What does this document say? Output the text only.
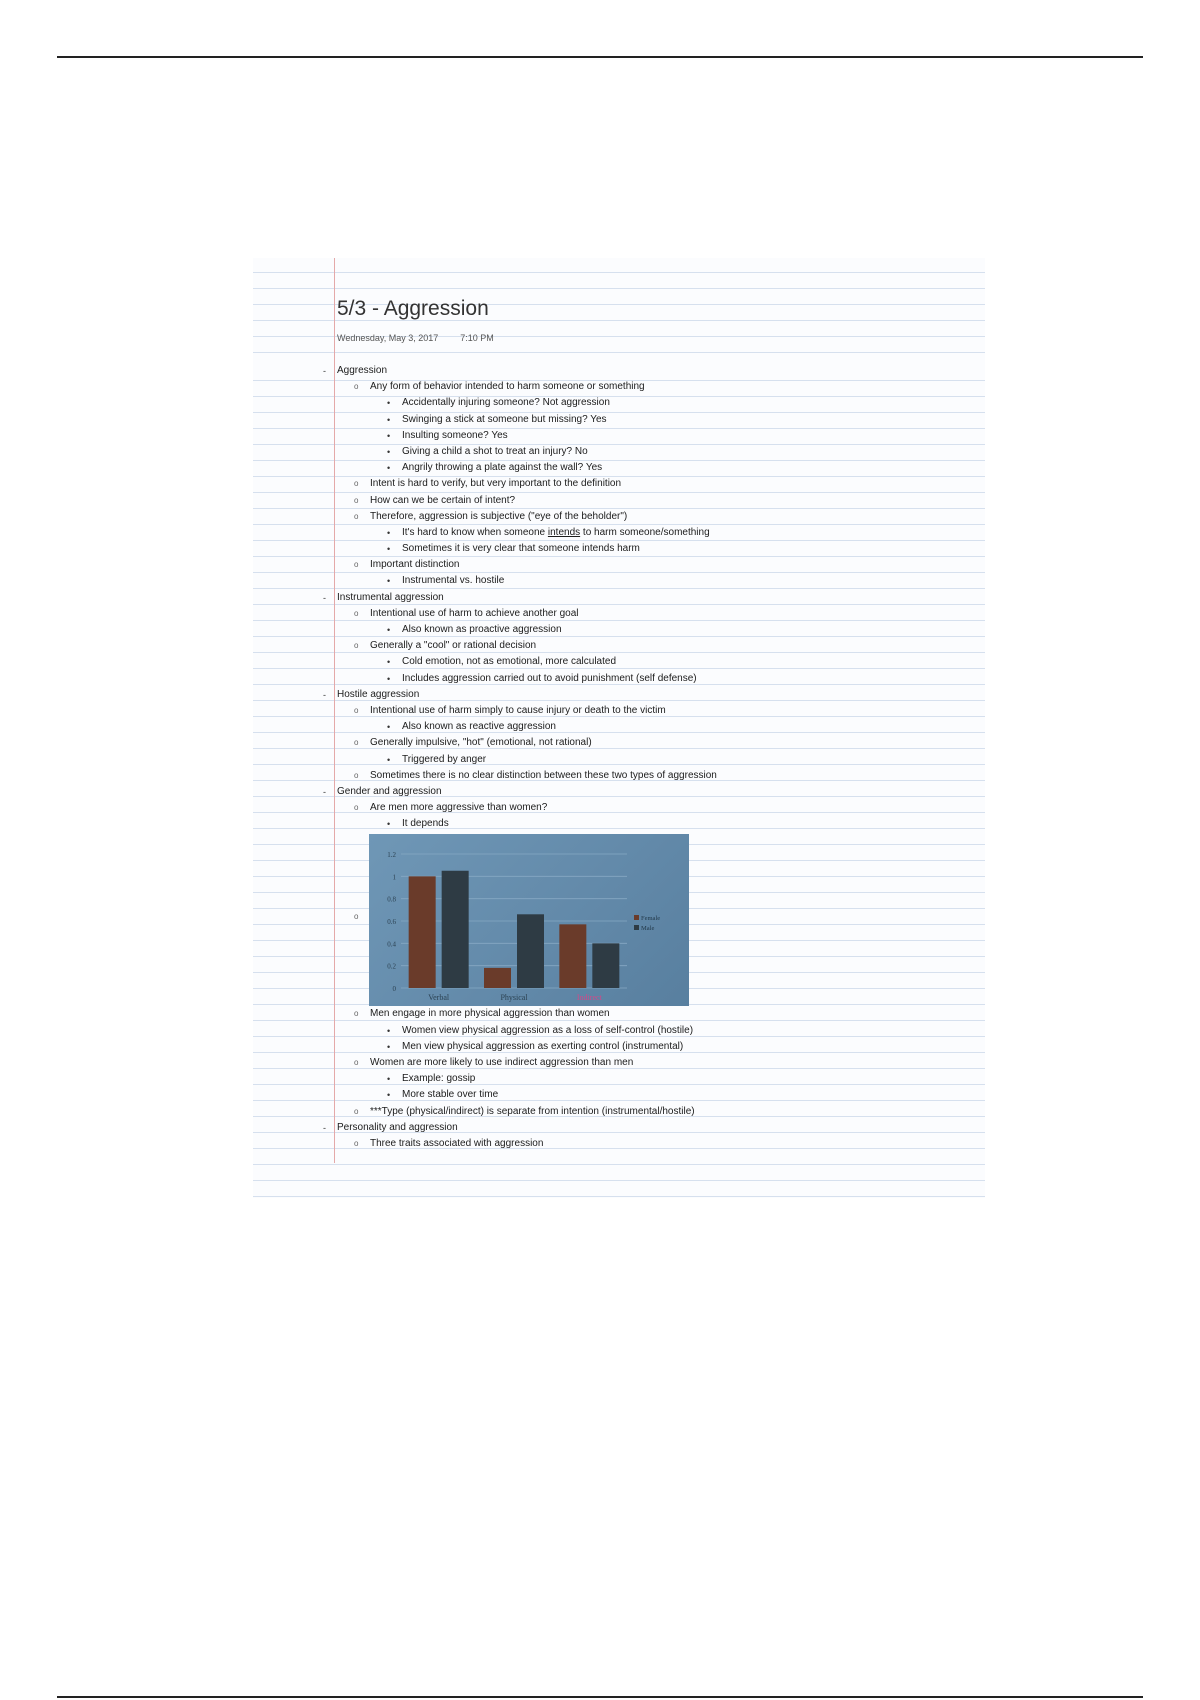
5/3 - Aggression
Wednesday, May 3, 2017 7:10 PM
- Aggression
o Any form of behavior intended to harm someone or something
• Accidentally injuring someone? Not aggression
• Swinging a stick at someone but missing? Yes
• Insulting someone? Yes
• Giving a child a shot to treat an injury? No
• Angrily throwing a plate against the wall? Yes
o Intent is hard to verify, but very important to the definition
o How can we be certain of intent?
o Therefore, aggression is subjective ("eye of the beholder")
• It's hard to know when someone intends to harm someone/something
• Sometimes it is very clear that someone intends harm
o Important distinction
• Instrumental vs. hostile
- Instrumental aggression
o Intentional use of harm to achieve another goal
• Also known as proactive aggression
o Generally a "cool" or rational decision
• Cold emotion, not as emotional, more calculated
• Includes aggression carried out to avoid punishment (self defense)
- Hostile aggression
o Intentional use of harm simply to cause injury or death to the victim
• Also known as reactive aggression
o Generally impulsive, "hot" (emotional, not rational)
• Triggered by anger
o Sometimes there is no clear distinction between these two types of aggression
- Gender and aggression
o Are men more aggressive than women?
• It depends
o
0
0.2
0.4
0.6
0.8
1
1.2
Verbal	Physical	Indirect
Female
Male
o Men engage in more physical aggression than women
• Women view physical aggression as a loss of self-control (hostile)
• Men view physical aggression as exerting control (instrumental)
o Women are more likely to use indirect aggression than men
• Example: gossip
• More stable over time
o ***Type (physical/indirect) is separate from intention (instrumental/hostile)
- Personality and aggression
o Three traits associated with aggression
